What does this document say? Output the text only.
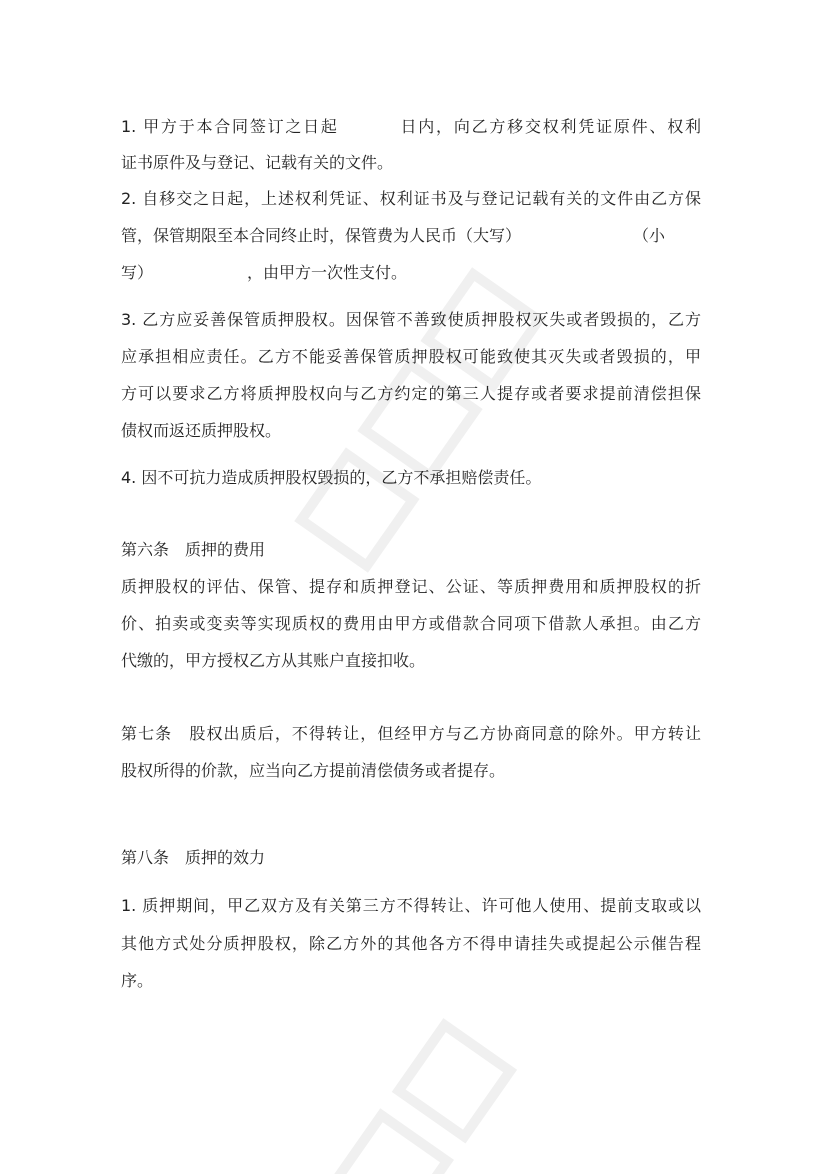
1. 甲方于本合同签订之日起	日内，向乙方移交权利凭证原件、权利
证书原件及与登记、记载有关的文件。
2. 自移交之日起，上述权利凭证、权利证书及与登记记载有关的文件由乙方保
管，保管期限至本合同终止时，保管费为人民币（大写）	（小
写）	，由甲方一次性支付。
3. 乙方应妥善保管质押股权。因保管不善致使质押股权灭失或者毁损的，乙方
应承担相应责任。乙方不能妥善保管质押股权可能致使其灭失或者毁损的，甲
方可以要求乙方将质押股权向与乙方约定的第三人提存或者要求提前清偿担保
债权而返还质押股权。
4. 因不可抗力造成质押股权毁损的，乙方不承担赔偿责任。
第六条　质押的费用
质押股权的评估、保管、提存和质押登记、公证、等质押费用和质押股权的折
价、拍卖或变卖等实现质权的费用由甲方或借款合同项下借款人承担。由乙方
代缴的，甲方授权乙方从其账户直接扣收。
第七条　股权出质后，不得转让，但经甲方与乙方协商同意的除外。甲方转让
股权所得的价款，应当向乙方提前清偿债务或者提存。
第八条　质押的效力
1. 质押期间，甲乙双方及有关第三方不得转让、许可他人使用、提前支取或以
其他方式处分质押股权，除乙方外的其他各方不得申请挂失或提起公示催告程
序。
